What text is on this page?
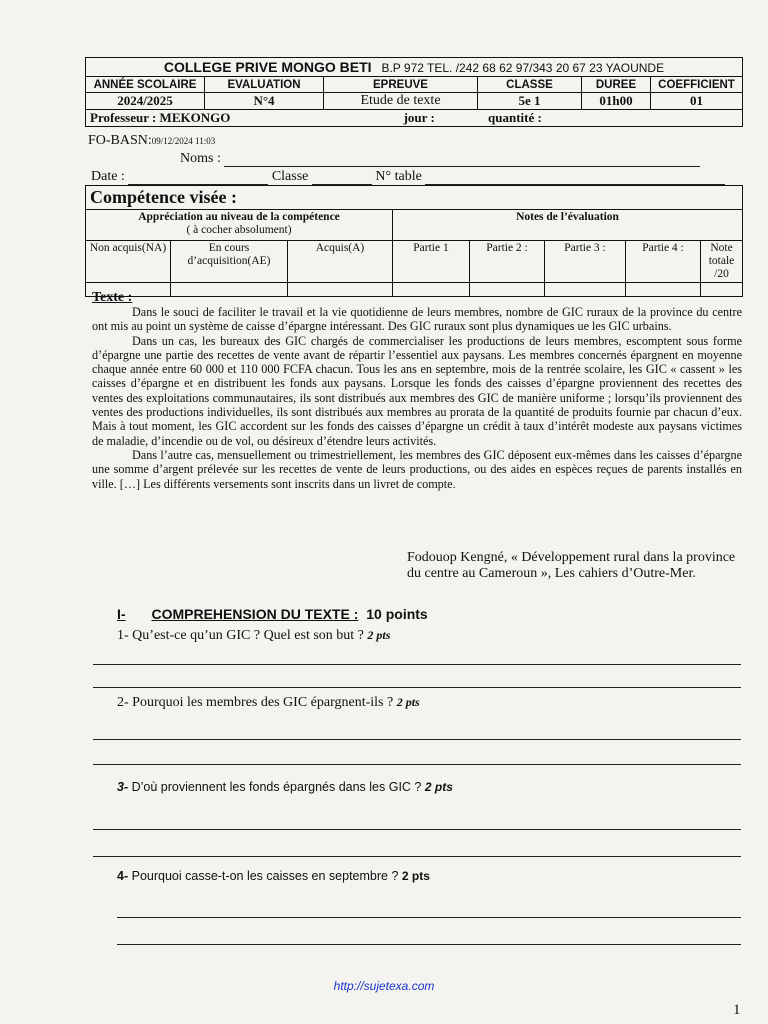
COLLEGE PRIVE MONGO BETI B.P 972 TEL. /242 68 62 97/343 20 67 23 YAOUNDE					
ANNÉE SCOLAIRE	EVALUATION	EPREUVE	CLASSE	DUREE	COEFFICIENT
2024/2025	N°4	Etude de texte	5e 1	01h00	01
Professeur : MEKONGO jour : quantité :					
FO-BASN:09/12/2024 11:03
Noms :
Date :	Classe	N° table
Compétence visée :
Appréciation au niveau de la compétence
( à cocher absolument)			Notes de l’évaluation				
Non acquis(NA)	En cours d’acquisition(AE)	Acquis(A)	Partie 1	Partie 2 :	Partie 3 :	Partie 4 :	Note totale /20

Texte :

Dans le souci de faciliter le travail et la vie quotidienne de leurs membres, nombre de GIC ruraux de la province du centre ont mis au point un système de caisse d’épargne intéressant. Des GIC ruraux sont plus dynamiques ue les GIC urbains.

Dans un cas, les bureaux des GIC chargés de commercialiser les productions de leurs membres, escomptent sous forme d’épargne une partie des recettes de vente avant de répartir l’essentiel aux paysans. Les membres concernés épargnent en moyenne chaque année entre 60 000 et 110 000 FCFA chacun. Tous les ans en septembre, mois de la rentrée scolaire, les GIC « cassent » les caisses d’épargne et en distribuent les fonds aux paysans. Lorsque les fonds des caisses d’épargne proviennent des recettes des ventes des exploitations communautaires, ils sont distribués aux membres des GIC de manière uniforme ; lorsqu’ils proviennent des ventes des productions individuelles, ils sont distribués aux membres au prorata de la quantité de produits fournie par chacun d’eux. Mais à tout moment, les GIC accordent sur les fonds des caisses d’épargne un crédit à taux d’intérêt modeste aux paysans victimes de maladie, d’incendie ou de vol, ou désireux d’étendre leurs activités.

Dans l’autre cas, mensuellement ou trimestriellement, les membres des GIC déposent eux-mêmes dans les caisses d’épargne une somme d’argent prélevée sur les recettes de vente de leurs productions, ou des aides en espèces reçues de parents installés en ville. […] Les différents versements sont inscrits dans un livret de compte.

Fodouop Kengné, « Développement rural dans la province du centre au Cameroun », Les cahiers d’Outre-Mer.
I- COMPREHENSION DU TEXTE : 10 points
1- Qu’est-ce qu’un GIC ? Quel est son but ? 2 pts
2- Pourquoi les membres des GIC épargnent-ils ? 2 pts
3- D’où proviennent les fonds épargnés dans les GIC ? 2 pts
4- Pourquoi casse-t-on les caisses en septembre ? 2 pts
http://sujetexa.com
1
